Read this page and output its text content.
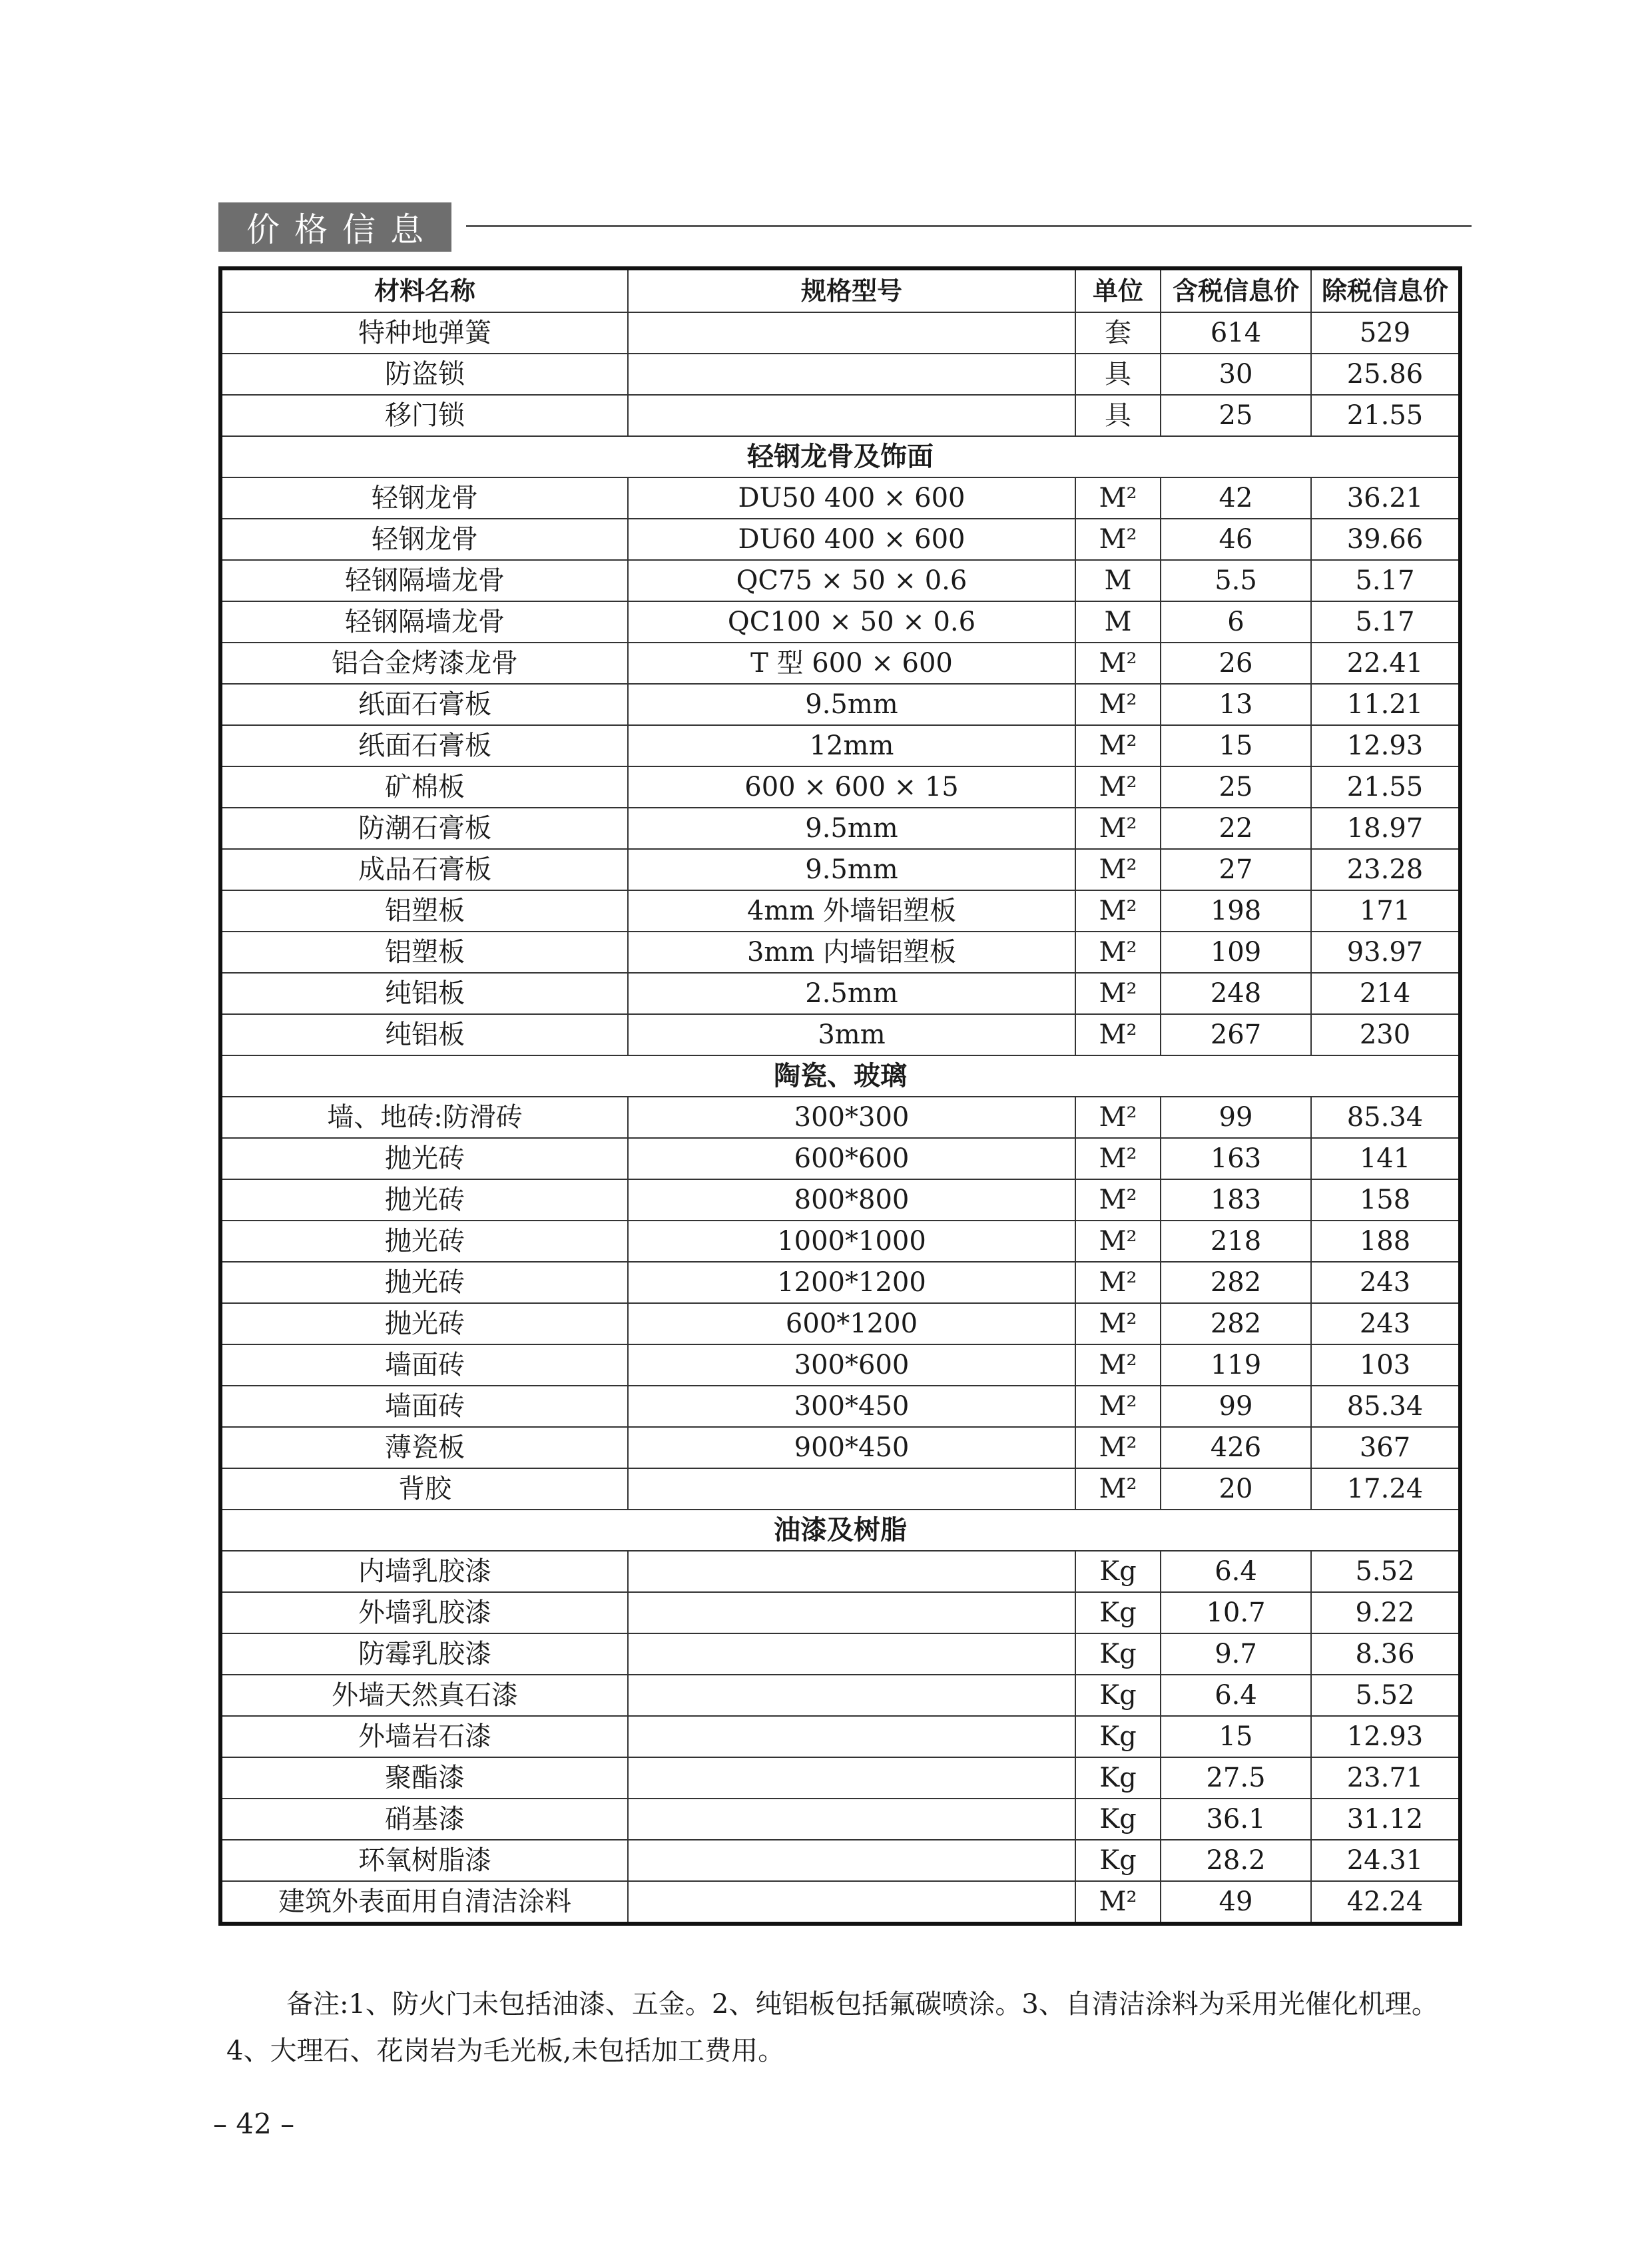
价格信息
材料名称	规格型号	单位	含税信息价	除税信息价
特种地弹簧		套	614	529
防盗锁		具	30	25.86
移门锁		具	25	21.55
轻钢龙骨及饰面				
轻钢龙骨	DU50 400 × 600	M²	42	36.21
轻钢龙骨	DU60 400 × 600	M²	46	39.66
轻钢隔墙龙骨	QC75 × 50 × 0.6	M	5.5	5.17
轻钢隔墙龙骨	QC100 × 50 × 0.6	M	6	5.17
铝合金烤漆龙骨	T 型 600 × 600	M²	26	22.41
纸面石膏板	9.5mm	M²	13	11.21
纸面石膏板	12mm	M²	15	12.93
矿棉板	600 × 600 × 15	M²	25	21.55
防潮石膏板	9.5mm	M²	22	18.97
成品石膏板	9.5mm	M²	27	23.28
铝塑板	4mm 外墙铝塑板	M²	198	171
铝塑板	3mm 内墙铝塑板	M²	109	93.97
纯铝板	2.5mm	M²	248	214
纯铝板	3mm	M²	267	230
陶瓷、玻璃				
墙、地砖:防滑砖	300*300	M²	99	85.34
抛光砖	600*600	M²	163	141
抛光砖	800*800	M²	183	158
抛光砖	1000*1000	M²	218	188
抛光砖	1200*1200	M²	282	243
抛光砖	600*1200	M²	282	243
墙面砖	300*600	M²	119	103
墙面砖	300*450	M²	99	85.34
薄瓷板	900*450	M²	426	367
背胶		M²	20	17.24
油漆及树脂				
内墙乳胶漆		Kg	6.4	5.52
外墙乳胶漆		Kg	10.7	9.22
防霉乳胶漆		Kg	9.7	8.36
外墙天然真石漆		Kg	6.4	5.52
外墙岩石漆		Kg	15	12.93
聚酯漆		Kg	27.5	23.71
硝基漆		Kg	36.1	31.12
环氧树脂漆		Kg	28.2	24.31
建筑外表面用自清洁涂料		M²	49	42.24
备注:1、防火门未包括油漆、五金。2、纯铝板包括氟碳喷涂。3、自清洁涂料为采用光催化机理。
4、大理石、花岗岩为毛光板,未包括加工费用。
– 42 –
